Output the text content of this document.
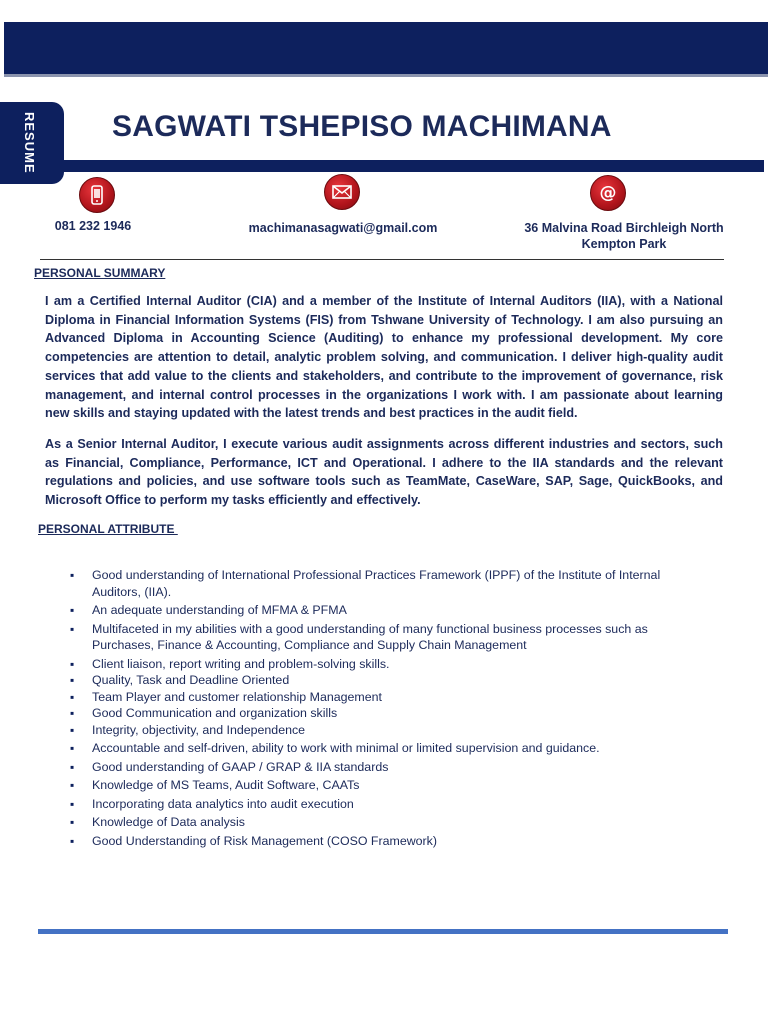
RESUME	SAGWATI TSHEPISO MACHIMANA
@
081 232 1946	machimanasagwati@gmail.com	36 Malvina Road Birchleigh North
Kempton Park
PERSONAL SUMMARY

I am a Certified Internal Auditor (CIA) and a member of the Institute of Internal Auditors (IIA), with a National Diploma in Financial Information Systems (FIS) from Tshwane University of Technology. I am also pursuing an Advanced Diploma in Accounting Science (Auditing) to enhance my professional development. My core competencies are attention to detail, analytic problem solving, and communication. I deliver high-quality audit services that add value to the clients and stakeholders, and contribute to the improvement of governance, risk management, and internal control processes in the organizations I work with. I am passionate about learning new skills and staying updated with the latest trends and best practices in the audit field.

As a Senior Internal Auditor, I execute various audit assignments across different industries and sectors, such as Financial, Compliance, Performance, ICT and Operational. I adhere to the IIA standards and the relevant regulations and policies, and use software tools such as TeamMate, CaseWare, SAP, Sage, QuickBooks, and Microsoft Office to perform my tasks efficiently and effectively.

PERSONAL ATTRIBUTE
▪ Good understanding of International Professional Practices Framework (IPPF) of the Institute of Internal Auditors, (IIA).
▪ An adequate understanding of MFMA & PFMA
▪ Multifaceted in my abilities with a good understanding of many functional business processes such as Purchases, Finance & Accounting, Compliance and Supply Chain Management
▪ Client liaison, report writing and problem-solving skills.
▪ Quality, Task and Deadline Oriented
▪ Team Player and customer relationship Management
▪ Good Communication and organization skills
▪ Integrity, objectivity, and Independence
▪ Accountable and self-driven, ability to work with minimal or limited supervision and guidance.
▪ Good understanding of GAAP / GRAP & IIA standards
▪ Knowledge of MS Teams, Audit Software, CAATs
▪ Incorporating data analytics into audit execution
▪ Knowledge of Data analysis
▪ Good Understanding of Risk Management (COSO Framework)
